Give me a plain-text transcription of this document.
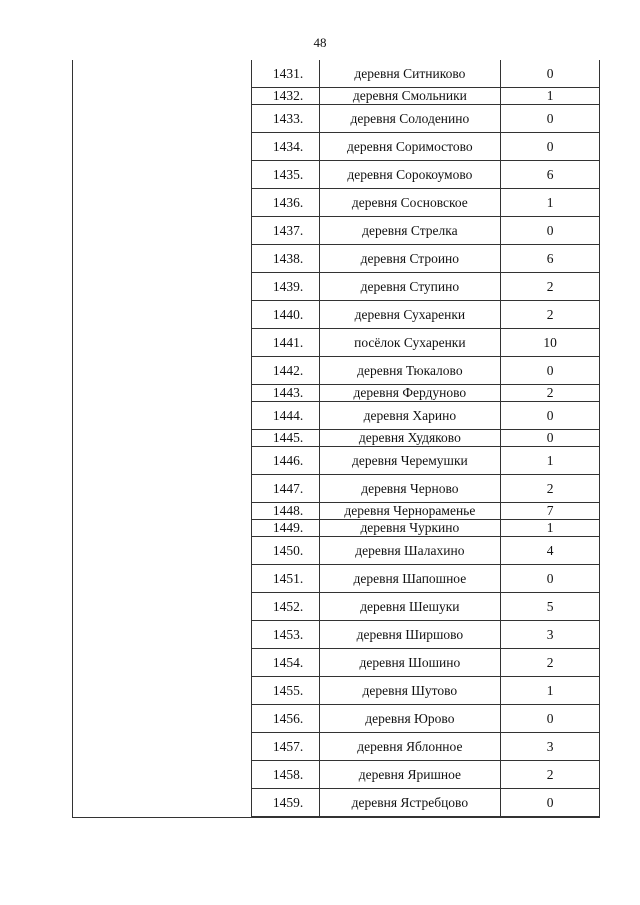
48
1431.	деревня Ситниково	0
1432.	деревня Смольники	1
1433.	деревня Солоденино	0
1434.	деревня Соримостово	0
1435.	деревня Сорокоумово	6
1436.	деревня Сосновское	1
1437.	деревня Стрелка	0
1438.	деревня Строино	6
1439.	деревня Ступино	2
1440.	деревня Сухаренки	2
1441.	посёлок Сухаренки	10
1442.	деревня Тюкалово	0
1443.	деревня Фердуново	2
1444.	деревня Харино	0
1445.	деревня Худяково	0
1446.	деревня Черемушки	1
1447.	деревня Черново	2
1448.	деревня Чернораменье	7
1449.	деревня Чуркино	1
1450.	деревня Шалахино	4
1451.	деревня Шапошное	0
1452.	деревня Шешуки	5
1453.	деревня Ширшово	3
1454.	деревня Шошино	2
1455.	деревня Шутово	1
1456.	деревня Юрово	0
1457.	деревня Яблонное	3
1458.	деревня Яришное	2
1459.	деревня Ястребцово	0
